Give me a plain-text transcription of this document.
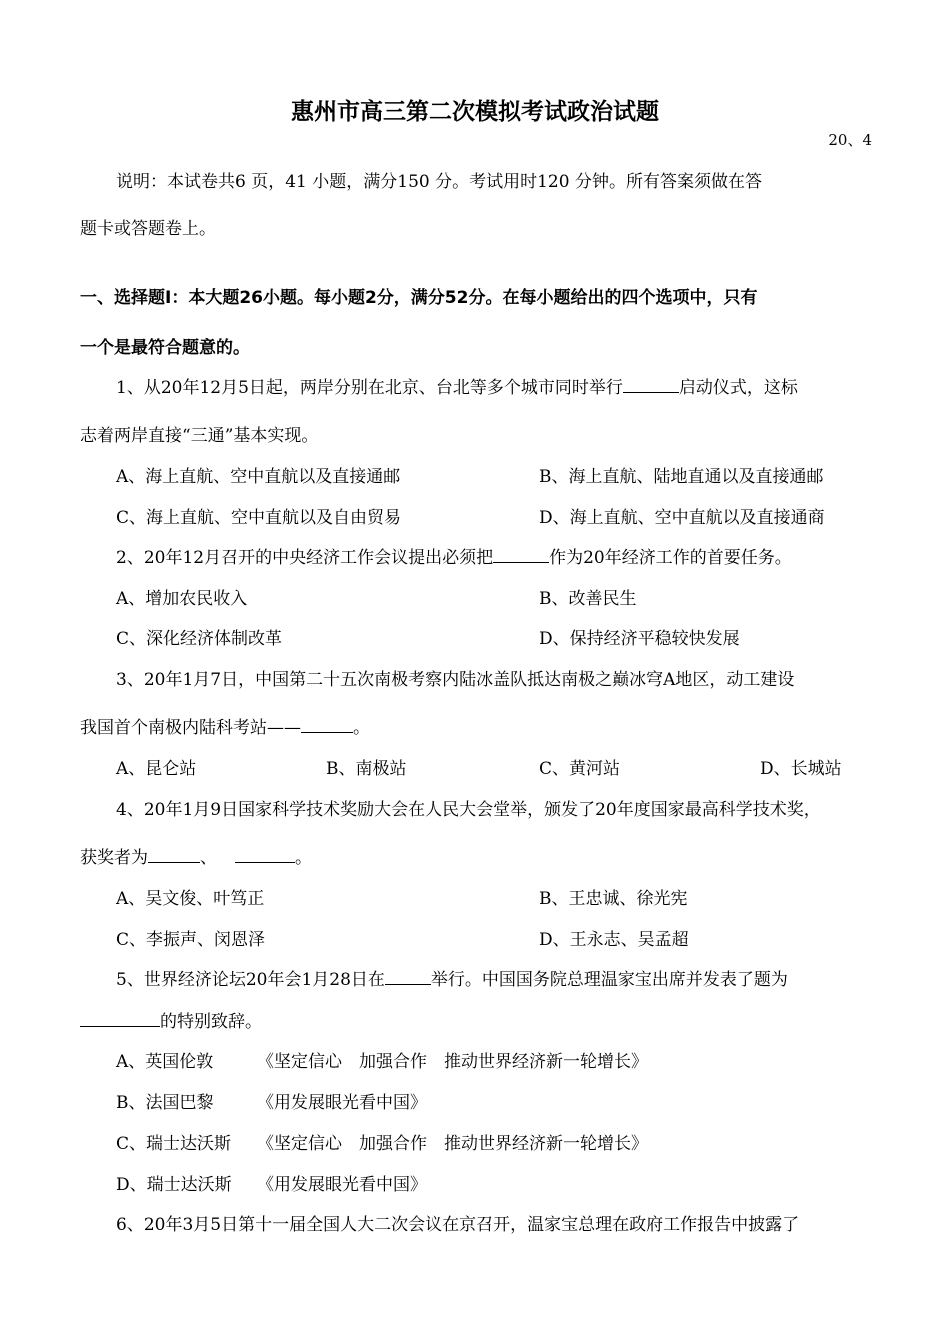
惠州市高三第二次模拟考试政治试题
20、4
说明：本试卷共6 页，41 小题，满分150 分。考试用时120 分钟。所有答案须做在答
题卡或答题卷上。
一、选择题Ⅰ：本大题26小题。每小题2分，满分52分。在每小题给出的四个选项中，只有
一个是最符合题意的。
1、从20年12月5日起，两岸分别在北京、台北等多个城市同时举行	启动仪式，这标
志着两岸直接“三通”基本实现。
A、海上直航、空中直航以及直接通邮	B、海上直航、陆地直通以及直接通邮
C、海上直航、空中直航以及自由贸易	D、海上直航、空中直航以及直接通商
2、20年12月召开的中央经济工作会议提出必须把	作为20年经济工作的首要任务。
A、增加农民收入	B、改善民生
C、深化经济体制改革	D、保持经济平稳较快发展
3、20年1月7日，中国第二十五次南极考察内陆冰盖队抵达南极之巅冰穹A地区，动工建设
我国首个南极内陆科考站——	。
A、昆仑站	B、南极站	C、黄河站	D、长城站
4、20年1月9日国家科学技术奖励大会在人民大会堂举，颁发了20年度国家最高科学技术奖，
获奖者为	、	。
A、吴文俊、叶笃正	B、王忠诚、徐光宪
C、李振声、闵恩泽	D、王永志、吴孟超
5、世界经济论坛20年会1月28日在	举行。中国国务院总理温家宝出席并发表了题为
的特别致辞。
A、英国伦敦	《坚定信心　加强合作　推动世界经济新一轮增长》
B、法国巴黎	《用发展眼光看中国》
C、瑞士达沃斯 《坚定信心　加强合作　推动世界经济新一轮增长》
D、瑞士达沃斯 《用发展眼光看中国》
6、20年3月5日第十一届全国人大二次会议在京召开，温家宝总理在政府工作报告中披露了
